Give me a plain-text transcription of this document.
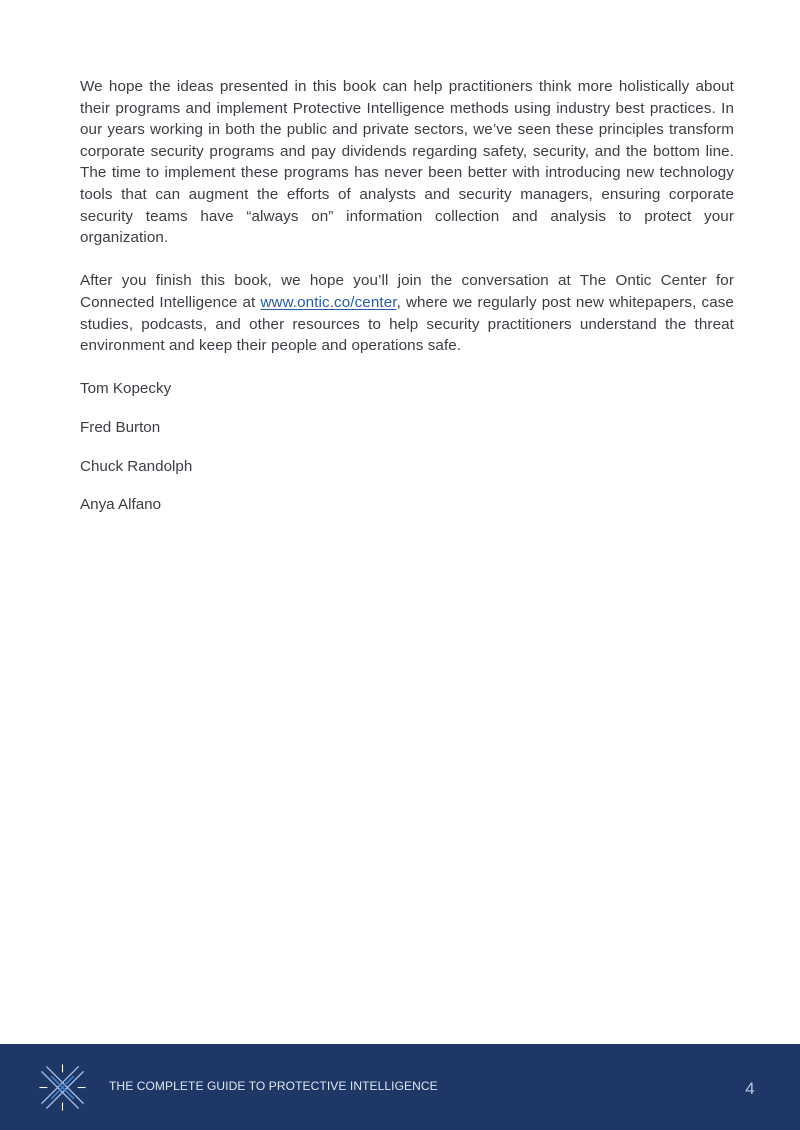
We hope the ideas presented in this book can help practitioners think more holistically about their programs and implement Protective Intelligence methods using industry best practices. In our years working in both the public and private sectors, we’ve seen these principles transform corporate security programs and pay dividends regarding safety, security, and the bottom line. The time to implement these programs has never been better with introducing new technology tools that can augment the efforts of analysts and security managers, ensuring corporate security teams have “always on” information collection and analysis to protect your organization.

After you finish this book, we hope you’ll join the conversation at The Ontic Center for Connected Intelligence at www.ontic.co/center, where we regularly post new whitepapers, case studies, podcasts, and other resources to help security practitioners understand the threat environment and keep their people and operations safe.

Tom Kopecky

Fred Burton

Chuck Randolph

Anya Alfano

THE COMPLETE GUIDE TO PROTECTIVE INTELLIGENCE	4
